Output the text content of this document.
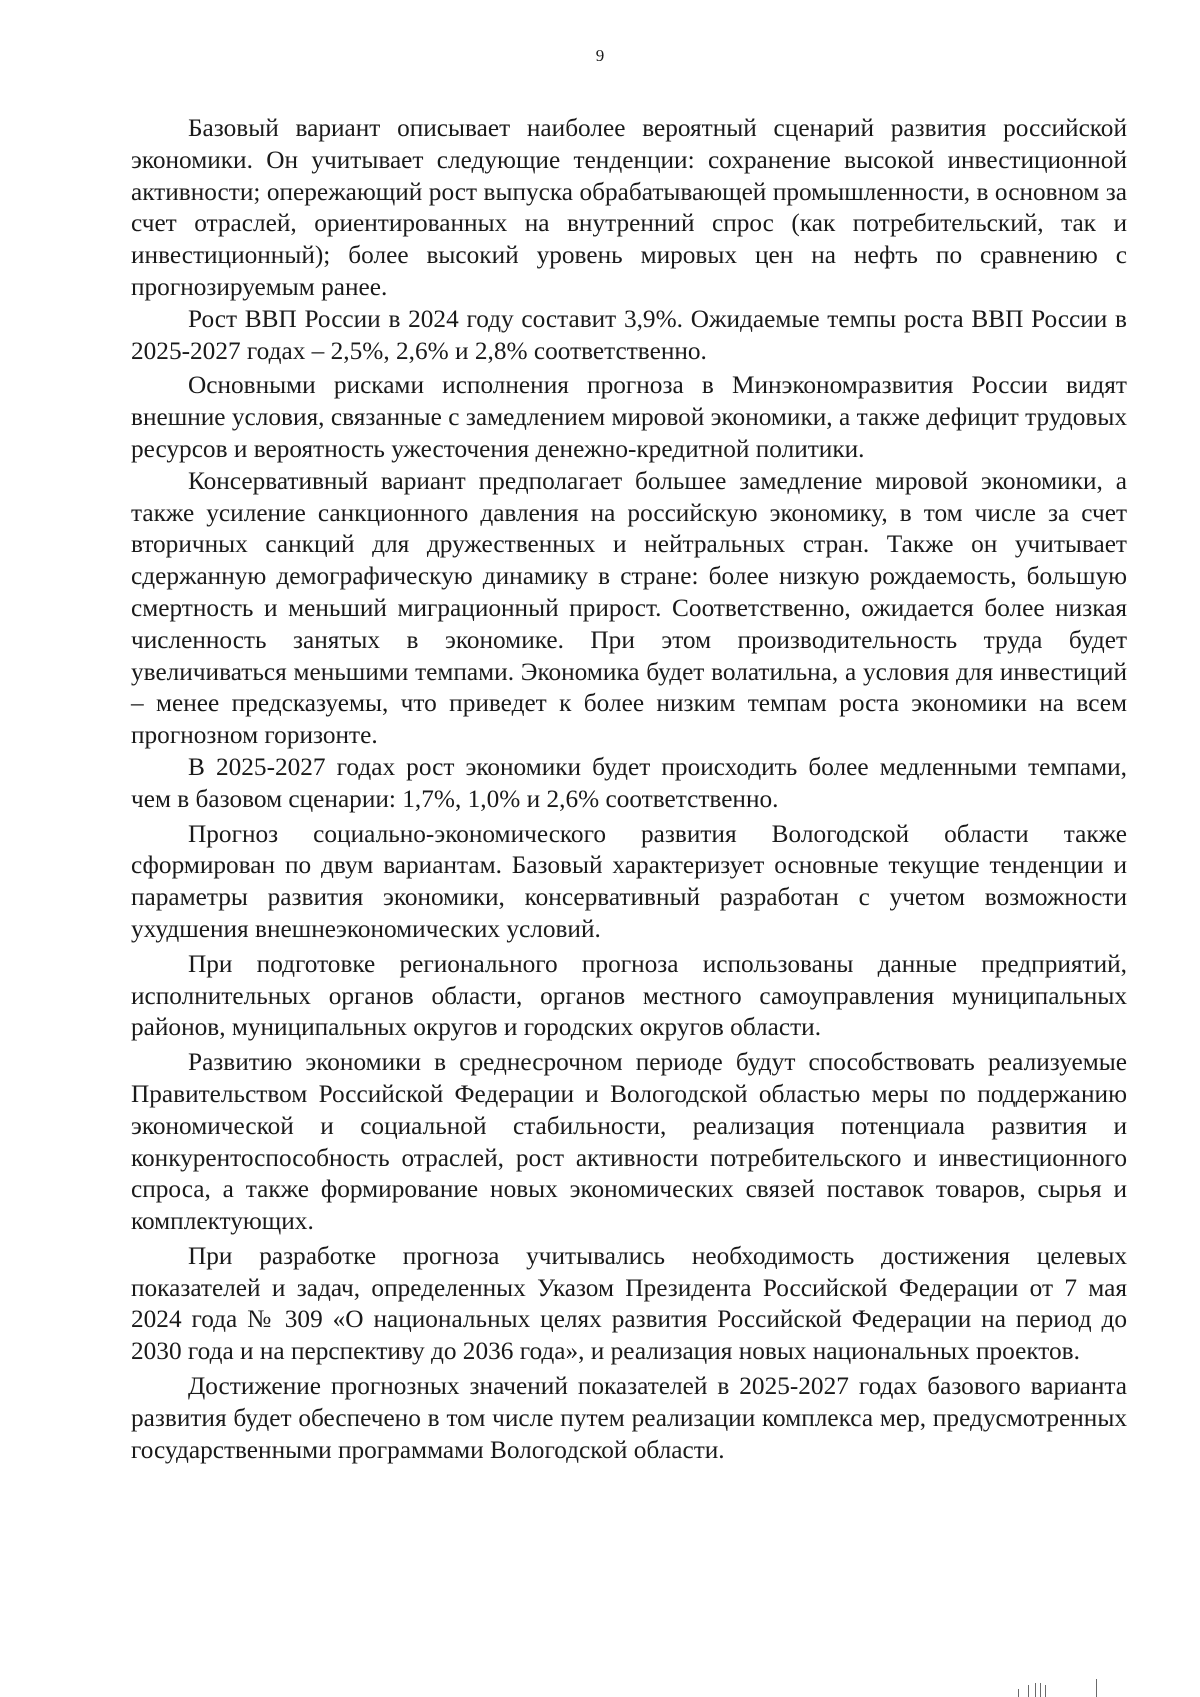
9

Базовый вариант описывает наиболее вероятный сценарий развития российской экономики. Он учитывает следующие тенденции: сохранение высокой инвестиционной активности; опережающий рост выпуска обрабатывающей промышленности, в основном за счет отраслей, ориентированных на внутренний спрос (как потребительский, так и инвестиционный); более высокий уровень мировых цен на нефть по сравнению с прогнозируемым ранее.

Рост ВВП России в 2024 году составит 3,9%. Ожидаемые темпы роста ВВП России в 2025-2027 годах – 2,5%, 2,6% и 2,8% соответственно.

Основными рисками исполнения прогноза в Минэкономразвития России видят внешние условия, связанные с замедлением мировой экономики, а также дефицит трудовых ресурсов и вероятность ужесточения денежно-кредитной политики.

Консервативный вариант предполагает большее замедление мировой экономики, а также усиление санкционного давления на российскую экономику, в том числе за счет вторичных санкций для дружественных и нейтральных стран. Также он учитывает сдержанную демографическую динамику в стране: более низкую рождаемость, большую смертность и меньший миграционный прирост. Соответственно, ожидается более низкая численность занятых в экономике. При этом производительность труда будет увеличиваться меньшими темпами. Экономика будет волатильна, а условия для инвестиций – менее предсказуемы, что приведет к более низким темпам роста экономики на всем прогнозном горизонте.

В 2025-2027 годах рост экономики будет происходить более медленными темпами, чем в базовом сценарии: 1,7%, 1,0% и 2,6% соответственно.

Прогноз социально-экономического развития Вологодской области также сформирован по двум вариантам. Базовый характеризует основные текущие тенденции и параметры развития экономики, консервативный разработан с учетом возможности ухудшения внешнеэкономических условий.

При подготовке регионального прогноза использованы данные предприятий, исполнительных органов области, органов местного самоуправления муниципальных районов, муниципальных округов и городских округов области.

Развитию экономики в среднесрочном периоде будут способствовать реализуемые Правительством Российской Федерации и Вологодской областью меры по поддержанию экономической и социальной стабильности, реализация потенциала развития и конкурентоспособность отраслей, рост активности потребительского и инвестиционного спроса, а также формирование новых экономических связей поставок товаров, сырья и комплектующих.

При разработке прогноза учитывались необходимость достижения целевых показателей и задач, определенных Указом Президента Российской Федерации от 7 мая 2024 года № 309 «О национальных целях развития Российской Федерации на период до 2030 года и на перспективу до 2036 года», и реализация новых национальных проектов.

Достижение прогнозных значений показателей в 2025-2027 годах базового варианта развития будет обеспечено в том числе путем реализации комплекса мер, предусмотренных государственными программами Вологодской области.
